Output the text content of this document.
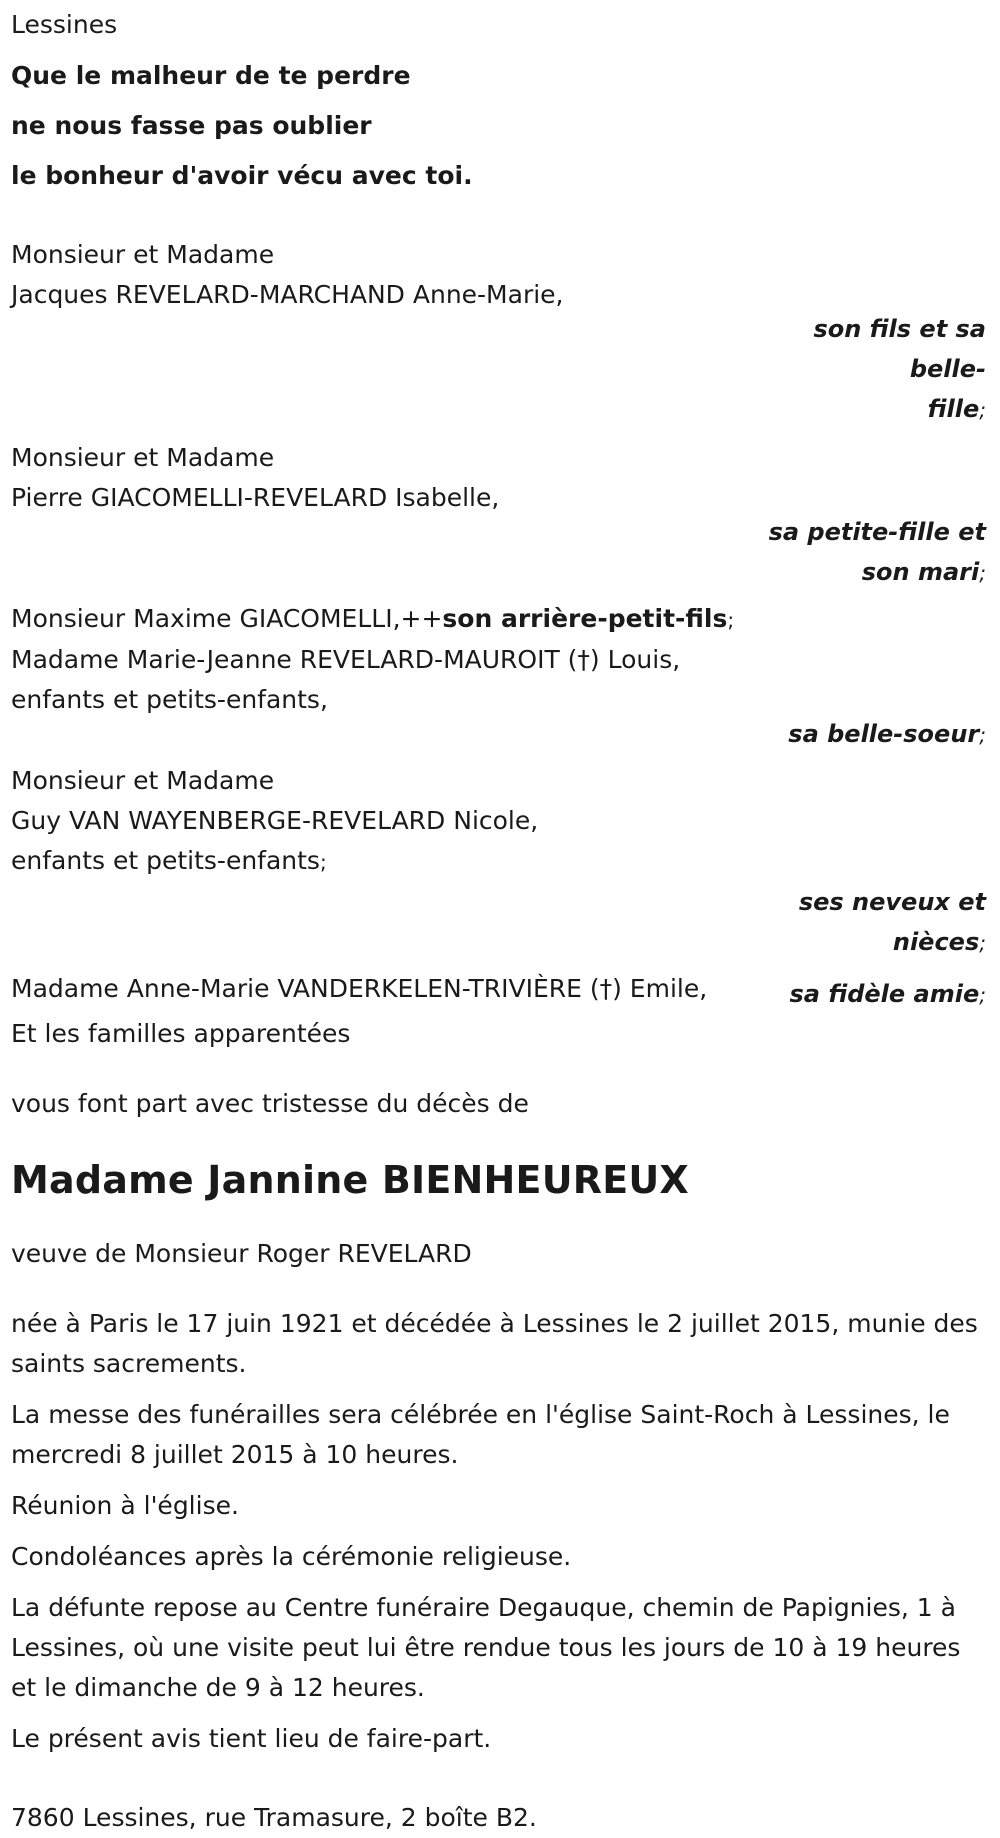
Lessines
Que le malheur de te perdre
ne nous fasse pas oublier
le bonheur d'avoir vécu avec toi.
Monsieur et Madame
Jacques REVELARD-MARCHAND Anne-Marie,
son fils et sa belle-
fille;
Monsieur et Madame
Pierre GIACOMELLI-REVELARD Isabelle,
sa petite-fille et
son mari;
Monsieur Maxime GIACOMELLI,++son arrière-petit-fils;
Madame Marie-Jeanne REVELARD-MAUROIT (†) Louis,
enfants et petits-enfants,
sa belle-soeur;
Monsieur et Madame
Guy VAN WAYENBERGE-REVELARD Nicole,
enfants et petits-enfants;
ses neveux et
nièces;
Madame Anne-Marie VANDERKELEN-TRIVIÈRE (†) Emile,	sa fidèle amie;
Et les familles apparentées
vous font part avec tristesse du décès de
Madame Jannine BIENHEUREUX
veuve de Monsieur Roger REVELARD

née à Paris le 17 juin 1921 et décédée à Lessines le 2 juillet 2015, munie des saints sacrements.

La messe des funérailles sera célébrée en l'église Saint-Roch à Lessines, le mercredi 8 juillet 2015 à 10 heures.

Réunion à l'église.

Condoléances après la cérémonie religieuse.

La défunte repose au Centre funéraire Degauque, chemin de Papignies, 1 à Lessines, où une visite peut lui être rendue tous les jours de 10 à 19 heures et le dimanche de 9 à 12 heures.

Le présent avis tient lieu de faire-part.

7860 Lessines, rue Tramasure, 2 boîte B2.
